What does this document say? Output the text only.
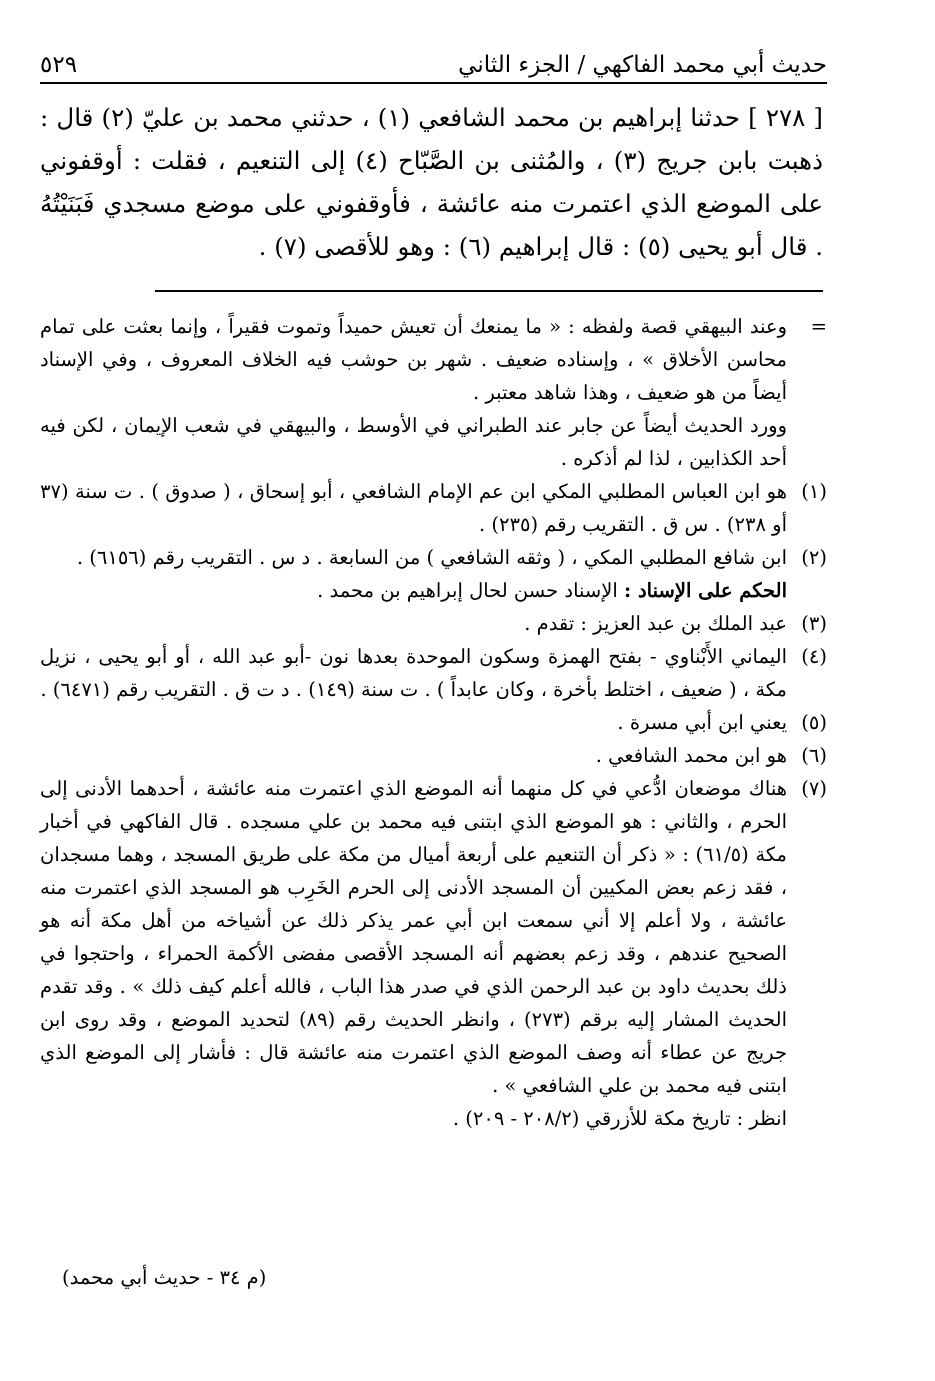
حديث أبي محمد الفاكهي / الجزء الثاني
٥٢٩

[ ٢٧٨ ] حدثنا إبراهيم بن محمد الشافعي (١) ، حدثني محمد بن عليّ (٢) قال : ذهبت بابن جريج (٣) ، والمُثنى بن الصَّبّاح (٤) إلى التنعيم ، فقلت : أوقفوني على الموضع الذي اعتمرت منه عائشة ، فأوقفوني على موضع مسجدي فَبَنَيْتُهُ . قال أبو يحيى (٥) : قال إبراهيم (٦) : وهو للأقصى (٧) .

=
وعند البيهقي قصة ولفظه : « ما يمنعك أن تعيش حميداً وتموت فقيراً ، وإنما بعثت على تمام محاسن الأخلاق » ، وإسناده ضعيف . شهر بن حوشب فيه الخلاف المعروف ، وفي الإسناد أيضاً من هو ضعيف ، وهذا شاهد معتبر .

وورد الحديث أيضاً عن جابر عند الطبراني في الأوسط ، والبيهقي في شعب الإيمان ، لكن فيه أحد الكذابين ، لذا لم أذكره .

(١)
هو ابن العباس المطلبي المكي ابن عم الإمام الشافعي ، أبو إسحاق ، ( صدوق ) . ت سنة (٣٧ أو ٢٣٨) . س ق . التقريب رقم (٢٣٥) .

(٢)
ابن شافع المطلبي المكي ، ( وثقه الشافعي ) من السابعة . د س . التقريب رقم (٦١٥٦) .
الحكم على الإسناد : الإسناد حسن لحال إبراهيم بن محمد .

(٣)
عبد الملك بن عبد العزيز : تقدم .

(٤)
اليماني الأَبْناوي - بفتح الهمزة وسكون الموحدة بعدها نون -أبو عبد الله ، أو أبو يحيى ، نزيل مكة ، ( ضعيف ، اختلط بأخرة ، وكان عابداً ) . ت سنة (١٤٩) . د ت ق . التقريب رقم (٦٤٧١) .

(٥)
يعني ابن أبي مسرة .

(٦)
هو ابن محمد الشافعي .

(٧)
هناك موضعان ادُّعي في كل منهما أنه الموضع الذي اعتمرت منه عائشة ، أحدهما الأدنى إلى الحرم ، والثاني : هو الموضع الذي ابتنى فيه محمد بن علي مسجده . قال الفاكهي في أخبار مكة (٦١/٥) : « ذكر أن التنعيم على أربعة أميال من مكة على طريق المسجد ، وهما مسجدان ، فقد زعم بعض المكيين أن المسجد الأدنى إلى الحرم الخَرِب هو المسجد الذي اعتمرت منه عائشة ، ولا أعلم إلا أني سمعت ابن أبي عمر يذكر ذلك عن أشياخه من أهل مكة أنه هو الصحيح عندهم ، وقد زعم بعضهم أنه المسجد الأقصى مفضى الأكمة الحمراء ، واحتجوا في ذلك بحديث داود بن عبد الرحمن الذي في صدر هذا الباب ، فالله أعلم كيف ذلك » . وقد تقدم الحديث المشار إليه برقم (٢٧٣) ، وانظر الحديث رقم (٨٩) لتحديد الموضع ، وقد روى ابن جريج عن عطاء أنه وصف الموضع الذي اعتمرت منه عائشة قال : فأشار إلى الموضع الذي ابتنى فيه محمد بن علي الشافعي » .
انظر : تاريخ مكة للأزرقي (٢٠٨/٢ - ٢٠٩) .

(م ٣٤ - حديث أبي محمد)
